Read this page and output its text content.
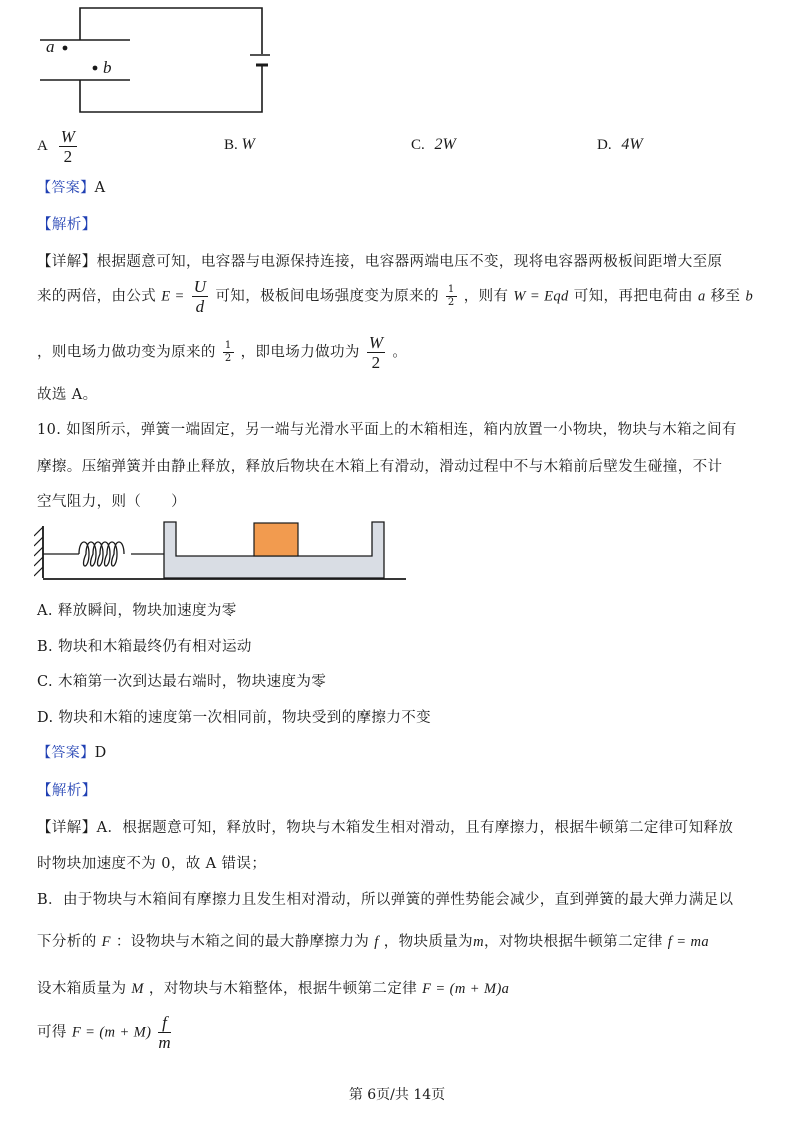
a
b
A $\frac{W}{2}$	B. W	C. 2W	D. 4W
【答案】A
【解析】
【详解】根据题意可知，电容器与电源保持连接，电容器两端电压不变，现将电容器两极板间距增大至原
来的两倍，由公式 $E = \frac{U}{d}$ 可知，极板间电场强度变为原来的 $\frac{1}{2}$ ，则有 W = Eqd 可知，再把电荷由 a 移至 b
，则电场力做功变为原来的 $\frac{1}{2}$ ，即电场力做功为 $\frac{W}{2}$ 。
故选 A。
10. 如图所示，弹簧一端固定，另一端与光滑水平面上的木箱相连，箱内放置一小物块，物块与木箱之间有
摩擦。压缩弹簧并由静止释放，释放后物块在木箱上有滑动，滑动过程中不与木箱前后壁发生碰撞，不计
空气阻力，则（　　）
A. 释放瞬间，物块加速度为零
B. 物块和木箱最终仍有相对运动
C. 木箱第一次到达最右端时，物块速度为零
D. 物块和木箱的速度第一次相同前，物块受到的摩擦力不变
【答案】D
【解析】
【详解】A．根据题意可知，释放时，物块与木箱发生相对滑动，且有摩擦力，根据牛顿第二定律可知释放
时物块加速度不为 0，故 A 错误；
B．由于物块与木箱间有摩擦力且发生相对滑动，所以弹簧的弹性势能会减少，直到弹簧的最大弹力满足以
下分析的 F ：设物块与木箱之间的最大静摩擦力为 f ，物块质量为m，对物块根据牛顿第二定律 f = ma
设木箱质量为 M ，对物块与木箱整体，根据牛顿第二定律 F = (m + M)a
可得 $F = (m + M) \frac{f}{m}$
第 6页/共 14页
